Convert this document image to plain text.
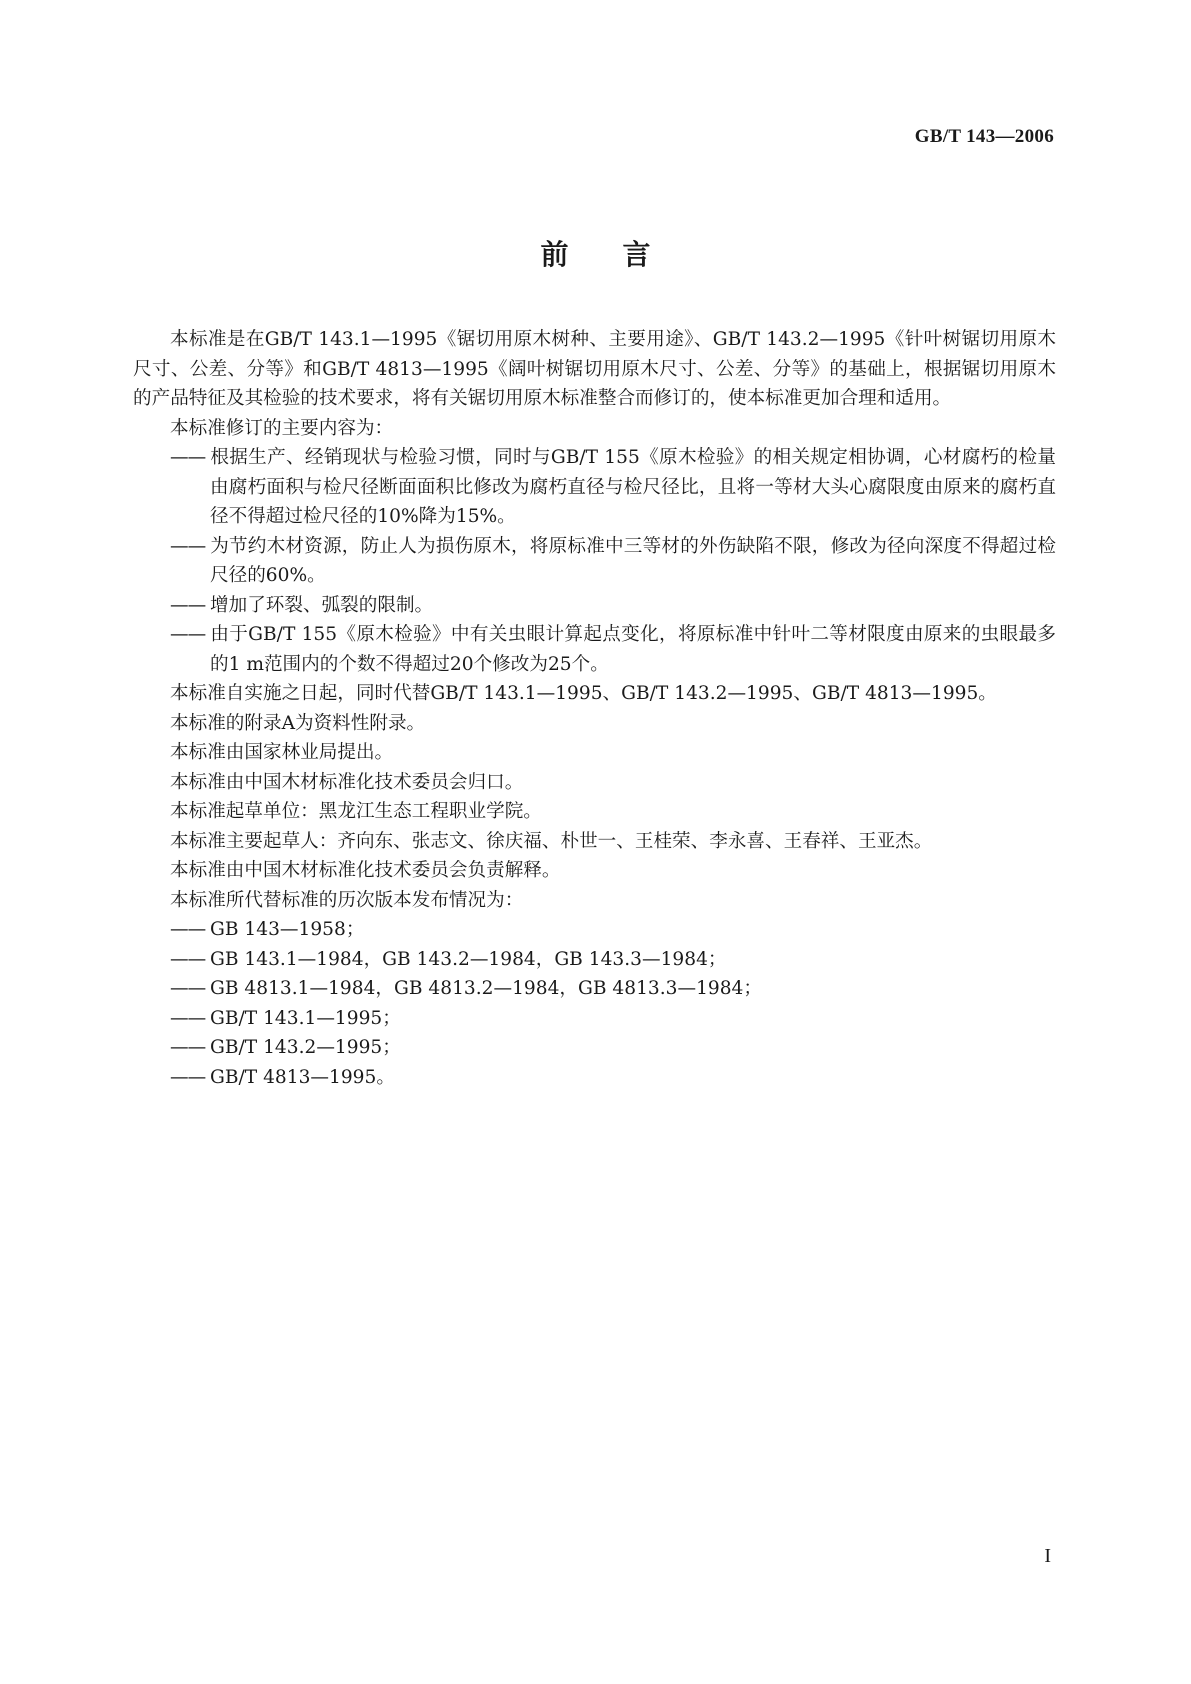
GB/T 143—2006
前言

本标准是在GB/T 143.1—1995《锯切用原木树种、主要用途》、GB/T 143.2—1995《针叶树锯切用原木尺寸、公差、分等》和GB/T 4813—1995《阔叶树锯切用原木尺寸、公差、分等》的基础上，根据锯切用原木的产品特征及其检验的技术要求，将有关锯切用原木标准整合而修订的，使本标准更加合理和适用。

本标准修订的主要内容为：

—— 根据生产、经销现状与检验习惯，同时与GB/T 155《原木检验》的相关规定相协调，心材腐朽的检量由腐朽面积与检尺径断面面积比修改为腐朽直径与检尺径比，且将一等材大头心腐限度由原来的腐朽直径不得超过检尺径的10%降为15%。

—— 为节约木材资源，防止人为损伤原木，将原标准中三等材的外伤缺陷不限，修改为径向深度不得超过检尺径的60%。

—— 增加了环裂、弧裂的限制。

—— 由于GB/T 155《原木检验》中有关虫眼计算起点变化，将原标准中针叶二等材限度由原来的虫眼最多的1 m范围内的个数不得超过20个修改为25个。

本标准自实施之日起，同时代替GB/T 143.1—1995、GB/T 143.2—1995、GB/T 4813—1995。

本标准的附录A为资料性附录。

本标准由国家林业局提出。

本标准由中国木材标准化技术委员会归口。

本标准起草单位：黑龙江生态工程职业学院。

本标准主要起草人：齐向东、张志文、徐庆福、朴世一、王桂荣、李永喜、王春祥、王亚杰。

本标准由中国木材标准化技术委员会负责解释。

本标准所代替标准的历次版本发布情况为：

—— GB 143—1958；

—— GB 143.1—1984，GB 143.2—1984，GB 143.3—1984；

—— GB 4813.1—1984，GB 4813.2—1984，GB 4813.3—1984；

—— GB/T 143.1—1995；

—— GB/T 143.2—1995；

—— GB/T 4813—1995。

I
